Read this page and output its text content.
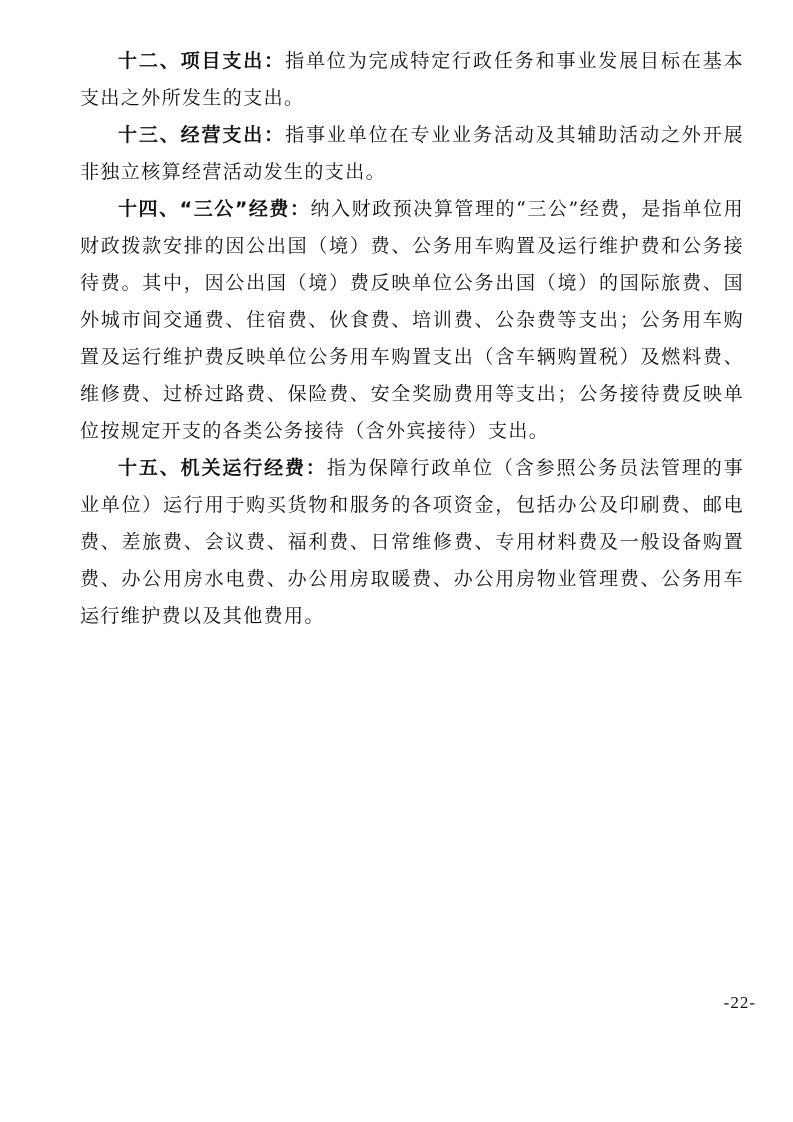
十二、项目支出：指单位为完成特定行政任务和事业发展目标在基本支出之外所发生的支出。

十三、经营支出：指事业单位在专业业务活动及其辅助活动之外开展非独立核算经营活动发生的支出。

十四、“三公”经费：纳入财政预决算管理的“三公”经费，是指单位用财政拨款安排的因公出国（境）费、公务用车购置及运行维护费和公务接待费。其中，因公出国（境）费反映单位公务出国（境）的国际旅费、国外城市间交通费、住宿费、伙食费、培训费、公杂费等支出；公务用车购置及运行维护费反映单位公务用车购置支出（含车辆购置税）及燃料费、维修费、过桥过路费、保险费、安全奖励费用等支出；公务接待费反映单位按规定开支的各类公务接待（含外宾接待）支出。

十五、机关运行经费：指为保障行政单位（含参照公务员法管理的事业单位）运行用于购买货物和服务的各项资金，包括办公及印刷费、邮电费、差旅费、会议费、福利费、日常维修费、专用材料费及一般设备购置费、办公用房水电费、办公用房取暖费、办公用房物业管理费、公务用车运行维护费以及其他费用。

-22-
